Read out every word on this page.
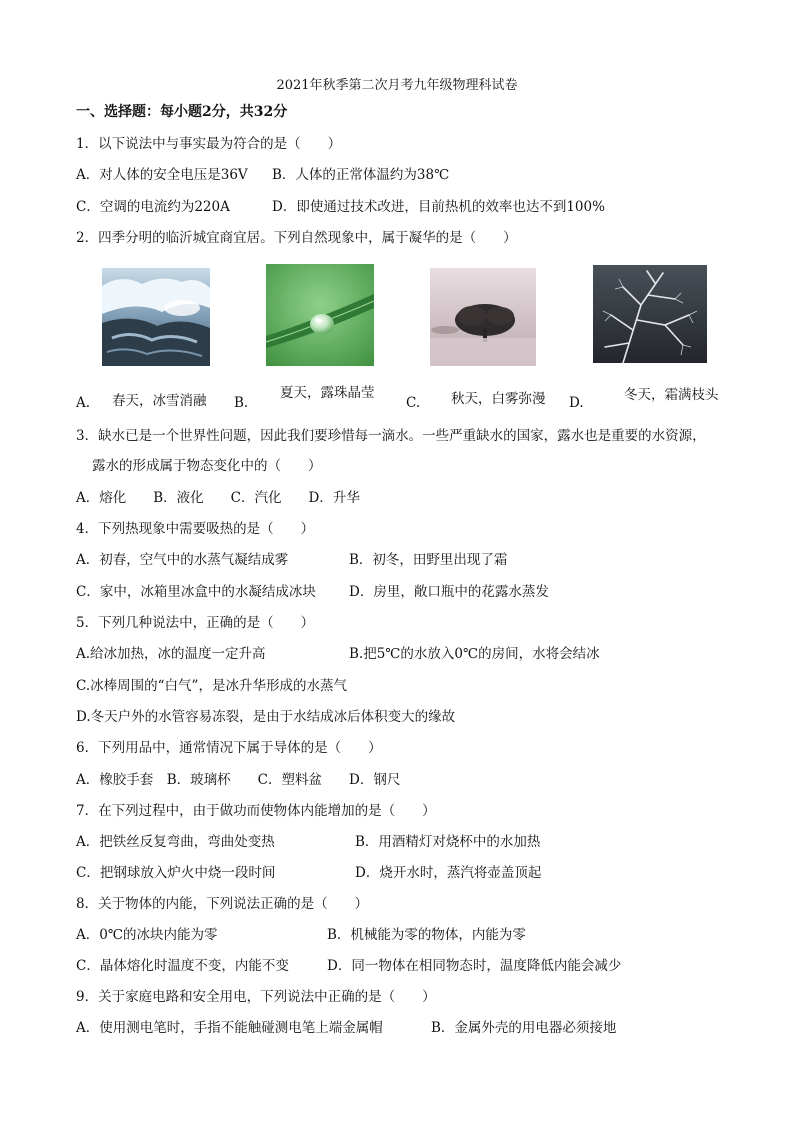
2021年秋季第二次月考九年级物理科试卷
一、选择题：每小题2分，共32分
1．以下说法中与事实最为符合的是（　　）
A．对人体的安全电压是36V B．人体的正常体温约为38℃
C．空调的电流约为220A	D．即使通过技术改进，目前热机的效率也达不到100%
2．四季分明的临沂城宜商宜居。下列自然现象中，属于凝华的是（　　）
A. 春天，冰雪消融 B.
夏天，露珠晶莹
C. 秋天，白雾弥漫 D.	冬天，霜满枝头
3．缺水已是一个世界性问题，因此我们要珍惜每一滴水。一些严重缺水的国家，露水也是重要的水资源，
露水的形成属于物态变化中的（　　）
A．熔化　　B．液化　　C．汽化　　D．升华
4．下列热现象中需要吸热的是（　　）
A．初春，空气中的水蒸气凝结成雾	B．初冬，田野里出现了霜
C．家中，冰箱里冰盒中的水凝结成冰块 D．房里，敞口瓶中的花露水蒸发
5．下列几种说法中，正确的是（　　）
A.给冰加热，冰的温度一定升高	B.把5℃的水放入0℃的房间，水将会结冰
C.冰棒周围的“白气”，是冰升华形成的水蒸气
D.冬天户外的水管容易冻裂，是由于水结成冰后体积变大的缘故
6．下列用品中，通常情况下属于导体的是（　　）
A．橡胶手套　B．玻璃杯　　C．塑料盆　　D．钢尺
7．在下列过程中，由于做功而使物体内能增加的是（　　）
A．把铁丝反复弯曲，弯曲处变热	B．用酒精灯对烧杯中的水加热
C．把钢球放入炉火中烧一段时间	D．烧开水时，蒸汽将壶盖顶起
8．关于物体的内能，下列说法正确的是（　　）
A．0℃的冰块内能为零	B．机械能为零的物体，内能为零
C．晶体熔化时温度不变，内能不变	D．同一物体在相同物态时，温度降低内能会减少
9．关于家庭电路和安全用电，下列说法中正确的是（　　）
A．使用测电笔时，手指不能触碰测电笔上端金属帽	B．金属外壳的用电器必须接地
